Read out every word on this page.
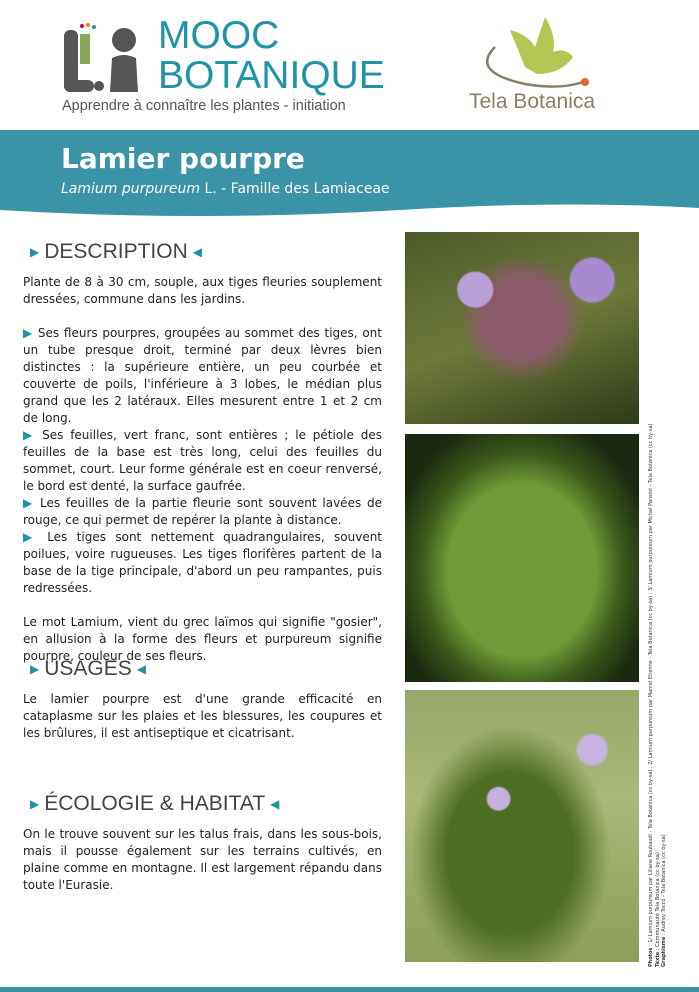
MOOC
BOTANIQUE
Apprendre à connaître les plantes - initiation	Tela Botanica
Lamier pourpre
Lamium purpureum L. - Famille des Lamiaceae
▶ DESCRIPTION ◀

Plante de 8 à 30 cm, souple, aux tiges fleuries souplement dressées, commune dans les jardins.

▶ Ses fleurs pourpres, groupées au sommet des tiges, ont un tube presque droit, terminé par deux lèvres bien distinctes : la supérieure entière, un peu courbée et couverte de poils, l'inférieure à 3 lobes, le médian plus grand que les 2 latéraux. Elles mesurent entre 1 et 2 cm de long.

▶ Ses feuilles, vert franc, sont entières ; le pétiole des feuilles de la base est très long, celui des feuilles du sommet, court. Leur forme générale est en coeur renversé, le bord est denté, la surface gaufrée.

▶ Les feuilles de la partie fleurie sont souvent lavées de rouge, ce qui permet de repérer la plante à distance.

▶ Les tiges sont nettement quadrangulaires, souvent poilues, voire rugueuses. Les tiges florifères partent de la base de la tige principale, d'abord un peu rampantes, puis redressées.

Le mot Lamium, vient du grec laïmos qui signifie "gosier", en allusion à la forme des fleurs et purpureum signifie pourpre, couleur de ses fleurs.

▶ USAGES ◀
Le lamier pourpre est d'une grande efficacité en cataplasme sur les plaies et les blessures, les coupures et les brûlures, il est antiseptique et cicatrisant.
▶ ÉCOLOGIE & HABITAT ◀
On le trouve souvent sur les talus frais, dans les sous-bois, mais il pousse également sur les terrains cultivés, en plaine comme en montagne. Il est largement répandu dans toute l'Eurasie.
Photos : 1/ Lamium purpureum par Liliane Roubaudi - Tela Botanica (cc by-sa) ; 2/ Lamium purpureum par Marcel Etienne - Tela Botanica (cc by-sa) ; 3/ Lamium purpureum par Michel Pansiot - Tela Botanica (cc by-sa)
Texte : Communauté Tela Botanica (cc by-sa) Graphisme : Audrey Tocco - Tela Botanica (cc by-sa)
